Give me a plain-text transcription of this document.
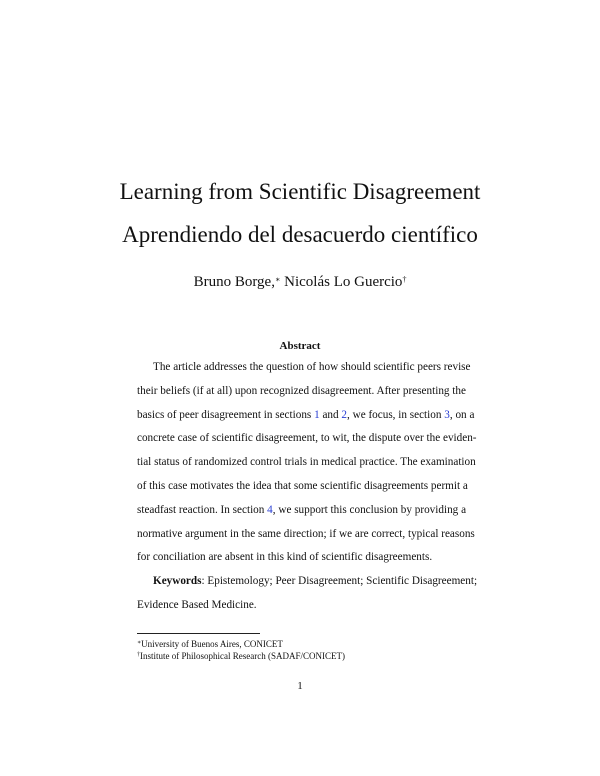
Learning from Scientific Disagreement
Aprendiendo del desacuerdo científico
Bruno Borge,∗ Nicolás Lo Guercio†
Abstract
The article addresses the question of how should scientific peers revise
their beliefs (if at all) upon recognized disagreement. After presenting the
basics of peer disagreement in sections 1 and 2, we focus, in section 3, on a
concrete case of scientific disagreement, to wit, the dispute over the eviden-
tial status of randomized control trials in medical practice. The examination
of this case motivates the idea that some scientific disagreements permit a
steadfast reaction. In section 4, we support this conclusion by providing a
normative argument in the same direction; if we are correct, typical reasons
for conciliation are absent in this kind of scientific disagreements.
Keywords: Epistemology; Peer Disagreement; Scientific Disagreement;
Evidence Based Medicine.
∗University of Buenos Aires, CONICET
†Institute of Philosophical Research (SADAF/CONICET)
1
